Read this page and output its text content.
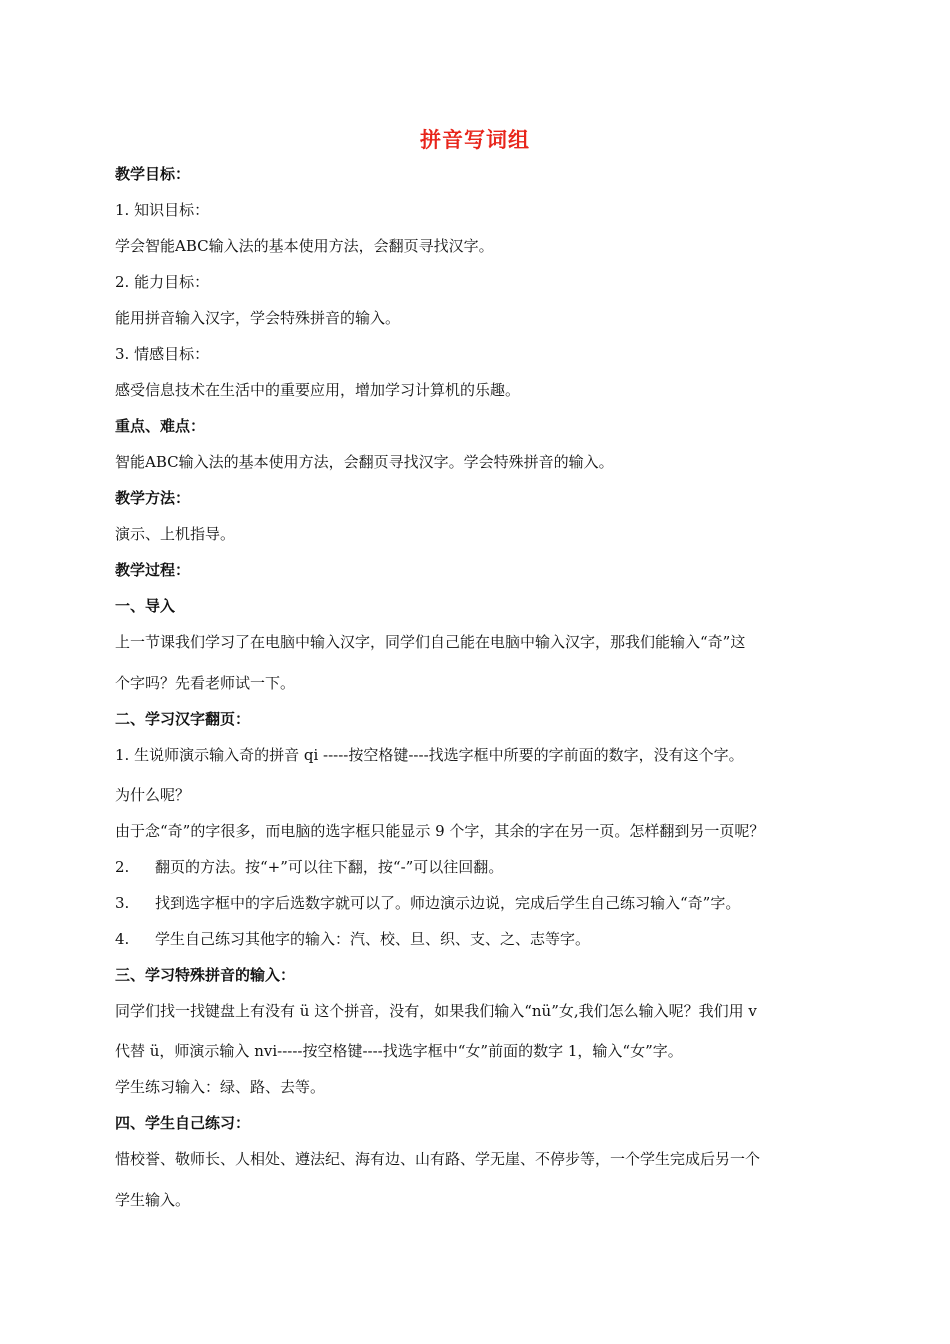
拼音写词组
教学目标：
1. 知识目标：
学会智能ABC输入法的基本使用方法，会翻页寻找汉字。
2. 能力目标：
能用拼音输入汉字，学会特殊拼音的输入。
3. 情感目标：
感受信息技术在生活中的重要应用，增加学习计算机的乐趣。
重点、难点：
智能ABC输入法的基本使用方法，会翻页寻找汉字。学会特殊拼音的输入。
教学方法：
演示、上机指导。
教学过程：
一、导入
上一节课我们学习了在电脑中输入汉字，同学们自己能在电脑中输入汉字，那我们能输入“奇”这
个字吗？先看老师试一下。
二、学习汉字翻页：
1. 生说师演示输入奇的拼音 qi -----按空格键----找选字框中所要的字前面的数字，没有这个字。
为什么呢？
由于念“奇”的字很多，而电脑的选字框只能显示 9 个字，其余的字在另一页。怎样翻到另一页呢？
2. 翻页的方法。按“+”可以往下翻，按“-”可以往回翻。
3. 找到选字框中的字后选数字就可以了。师边演示边说，完成后学生自己练习输入“奇”字。
4. 学生自己练习其他字的输入：汽、校、旦、织、支、之、志等字。
三、学习特殊拼音的输入：
同学们找一找键盘上有没有 ü 这个拼音，没有，如果我们输入“nü”女,我们怎么输入呢？我们用 v
代替 ü，师演示输入 nvi-----按空格键----找选字框中“女”前面的数字 1，输入“女”字。
学生练习输入：绿、路、去等。
四、学生自己练习：
惜校誉、敬师长、人相处、遵法纪、海有边、山有路、学无崖、不停步等，一个学生完成后另一个
学生输入。
